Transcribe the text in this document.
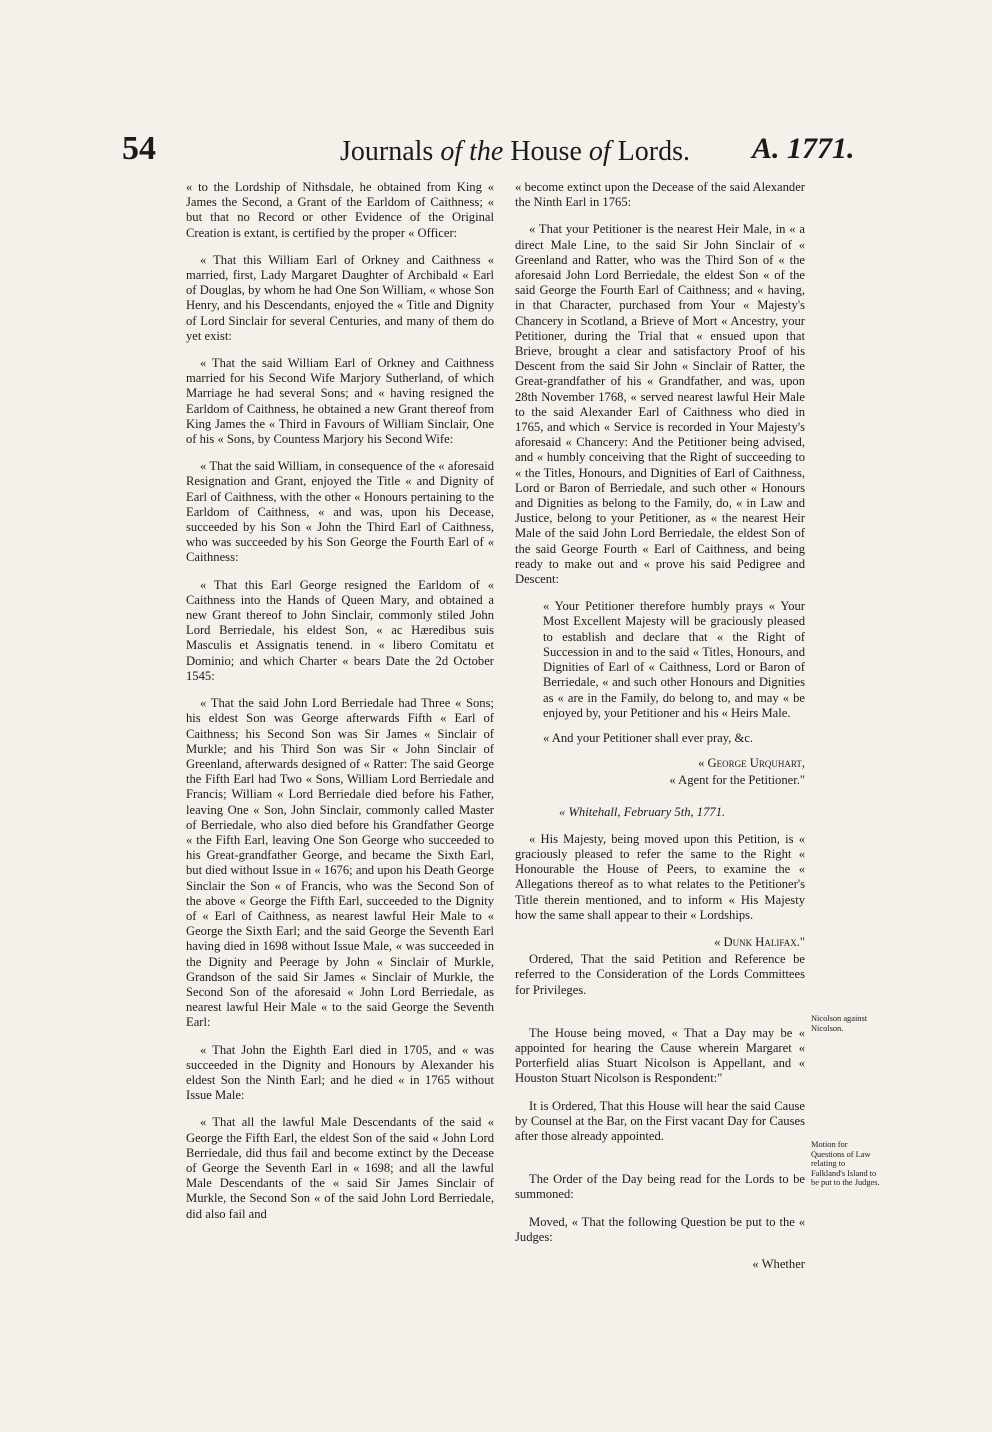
54	Journals of the House of Lords. A. 1771.

« to the Lordship of Nithsdale, he obtained from King « James the Second, a Grant of the Earldom of Caithness; « but that no Record or other Evidence of the Original Creation is extant, is certified by the proper « Officer:

« That this William Earl of Orkney and Caithness « married, first, Lady Margaret Daughter of Archibald « Earl of Douglas, by whom he had One Son William, « whose Son Henry, and his Descendants, enjoyed the « Title and Dignity of Lord Sinclair for several Centuries, and many of them do yet exist:

« That the said William Earl of Orkney and Caithness married for his Second Wife Marjory Sutherland, of which Marriage he had several Sons; and « having resigned the Earldom of Caithness, he obtained a new Grant thereof from King James the « Third in Favours of William Sinclair, One of his « Sons, by Countess Marjory his Second Wife:

« That the said William, in consequence of the « aforesaid Resignation and Grant, enjoyed the Title « and Dignity of Earl of Caithness, with the other « Honours pertaining to the Earldom of Caithness, « and was, upon his Decease, succeeded by his Son « John the Third Earl of Caithness, who was succeeded by his Son George the Fourth Earl of « Caithness:

« That this Earl George resigned the Earldom of « Caithness into the Hands of Queen Mary, and obtained a new Grant thereof to John Sinclair, commonly stiled John Lord Berriedale, his eldest Son, « ac Hæredibus suis Masculis et Assignatis tenend. in « libero Comitatu et Dominio; and which Charter « bears Date the 2d October 1545:

« That the said John Lord Berriedale had Three « Sons; his eldest Son was George afterwards Fifth « Earl of Caithness; his Second Son was Sir James « Sinclair of Murkle; and his Third Son was Sir « John Sinclair of Greenland, afterwards designed of « Ratter: The said George the Fifth Earl had Two « Sons, William Lord Berriedale and Francis; William « Lord Berriedale died before his Father, leaving One « Son, John Sinclair, commonly called Master of Berriedale, who also died before his Grandfather George « the Fifth Earl, leaving One Son George who succeeded to his Great-grandfather George, and became the Sixth Earl, but died without Issue in « 1676; and upon his Death George Sinclair the Son « of Francis, who was the Second Son of the above « George the Fifth Earl, succeeded to the Dignity of « Earl of Caithness, as nearest lawful Heir Male to « George the Sixth Earl; and the said George the Seventh Earl having died in 1698 without Issue Male, « was succeeded in the Dignity and Peerage by John « Sinclair of Murkle, Grandson of the said Sir James « Sinclair of Murkle, the Second Son of the aforesaid « John Lord Berriedale, as nearest lawful Heir Male « to the said George the Seventh Earl:

« That John the Eighth Earl died in 1705, and « was succeeded in the Dignity and Honours by Alexander his eldest Son the Ninth Earl; and he died « in 1765 without Issue Male:

« That all the lawful Male Descendants of the said « George the Fifth Earl, the eldest Son of the said « John Lord Berriedale, did thus fail and become extinct by the Decease of George the Seventh Earl in « 1698; and all the lawful Male Descendants of the « said Sir James Sinclair of Murkle, the Second Son « of the said John Lord Berriedale, did also fail and

« become extinct upon the Decease of the said Alexander the Ninth Earl in 1765:

« That your Petitioner is the nearest Heir Male, in « a direct Male Line, to the said Sir John Sinclair of « Greenland and Ratter, who was the Third Son of « the aforesaid John Lord Berriedale, the eldest Son « of the said George the Fourth Earl of Caithness; and « having, in that Character, purchased from Your « Majesty's Chancery in Scotland, a Brieve of Mort « Ancestry, your Petitioner, during the Trial that « ensued upon that Brieve, brought a clear and satisfactory Proof of his Descent from the said Sir John « Sinclair of Ratter, the Great-grandfather of his « Grandfather, and was, upon 28th November 1768, « served nearest lawful Heir Male to the said Alexander Earl of Caithness who died in 1765, and which « Service is recorded in Your Majesty's aforesaid « Chancery: And the Petitioner being advised, and « humbly conceiving that the Right of succeeding to « the Titles, Honours, and Dignities of Earl of Caithness, Lord or Baron of Berriedale, and such other « Honours and Dignities as belong to the Family, do, « in Law and Justice, belong to your Petitioner, as « the nearest Heir Male of the said John Lord Berriedale, the eldest Son of the said George Fourth « Earl of Caithness, and being ready to make out and « prove his said Pedigree and Descent:

« Your Petitioner therefore humbly prays « Your Most Excellent Majesty will be graciously pleased to establish and declare that « the Right of Succession in and to the said « Titles, Honours, and Dignities of Earl of « Caithness, Lord or Baron of Berriedale, « and such other Honours and Dignities as « are in the Family, do belong to, and may « be enjoyed by, your Petitioner and his « Heirs Male.

« And your Petitioner shall ever pray, &c.

« George Urquhart,
« Agent for the Petitioner."
« Whitehall, February 5th, 1771.

« His Majesty, being moved upon this Petition, is « graciously pleased to refer the same to the Right « Honourable the House of Peers, to examine the « Allegations thereof as to what relates to the Petitioner's Title therein mentioned, and to inform « His Majesty how the same shall appear to their « Lordships.

« Dunk Halifax."

Ordered, That the said Petition and Reference be referred to the Consideration of the Lords Committees for Privileges.

The House being moved, « That a Day may be « appointed for hearing the Cause wherein Margaret « Porterfield alias Stuart Nicolson is Appellant, and « Houston Stuart Nicolson is Respondent:"

It is Ordered, That this House will hear the said Cause by Counsel at the Bar, on the First vacant Day for Causes after those already appointed.

The Order of the Day being read for the Lords to be summoned:

Moved, « That the following Question be put to the « Judges:

« Whether
Nicolson against Nicolson.
Motion for Questions of Law relating to Falkland's Island to be put to the Judges.
